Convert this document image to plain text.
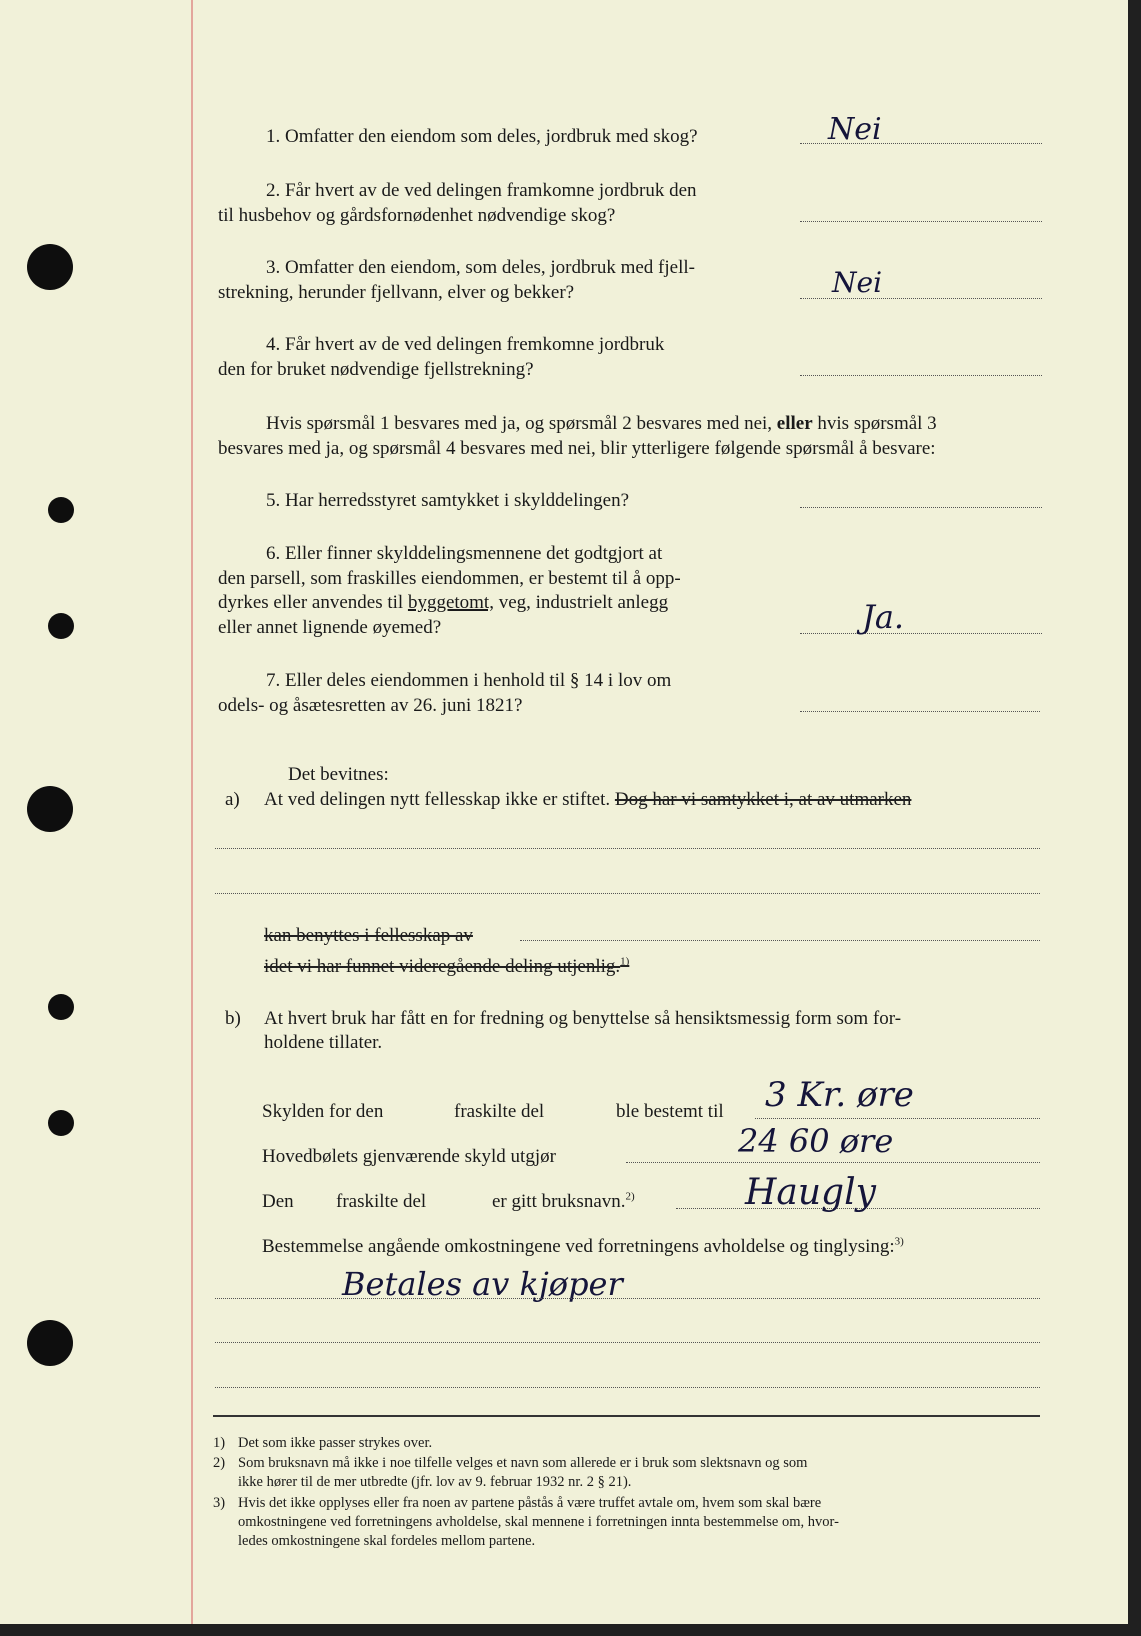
1. Omfatter den eiendom som deles, jordbruk med skog?	Nei

2. Får hvert av de ved delingen framkomne jordbruk den

til husbehov og gårdsfornødenhet nødvendige skog?

3. Omfatter den eiendom, som deles, jordbruk med fjell-

strekning, herunder fjellvann, elver og bekker?	Nei

4. Får hvert av de ved delingen fremkomne jordbruk

den for bruket nødvendige fjellstrekning?

Hvis spørsmål 1 besvares med ja, og spørsmål 2 besvares med nei, eller hvis spørsmål 3

besvares med ja, og spørsmål 4 besvares med nei, blir ytterligere følgende spørsmål å besvare:

5. Har herredsstyret samtykket i skylddelingen?

6. Eller finner skylddelingsmennene det godtgjort at

den parsell, som fraskilles eiendommen, er bestemt til å opp-

dyrkes eller anvendes til byggetomt, veg, industrielt anlegg

eller annet lignende øyemed?	Ja.

7. Eller deles eiendommen i henhold til § 14 i lov om

odels- og åsætesretten av 26. juni 1821?

Det bevitnes:

a) At ved delingen nytt fellesskap ikke er stiftet. Dog har vi samtykket i, at av utmarken

kan benyttes i fellesskap av

idet vi har funnet videregående deling utjenlig.$^{1)}$

b) At hvert bruk har fått en for fredning og benyttelse så hensiktsmessig form som for-

holdene tillater.

Skylden for den	fraskilte del	ble bestemt til 3 Kr. øre

Hovedbølets gjenværende skyld utgjør	24 60 øre

Den fraskilte del	er gitt bruksnavn.$^{2)}$	Haugly

Bestemmelse angående omkostningene ved forretningens avholdelse og tinglysing:$^{3)}$

Betales av kjøper

1) Det som ikke passer strykes over.

2) Som bruksnavn må ikke i noe tilfelle velges et navn som allerede er i bruk som slektsnavn og som

ikke hører til de mer utbredte (jfr. lov av 9. februar 1932 nr. 2 § 21).

3) Hvis det ikke opplyses eller fra noen av partene påstås å være truffet avtale om, hvem som skal bære

omkostningene ved forretningens avholdelse, skal mennene i forretningen innta bestemmelse om, hvor-

ledes omkostningene skal fordeles mellom partene.
